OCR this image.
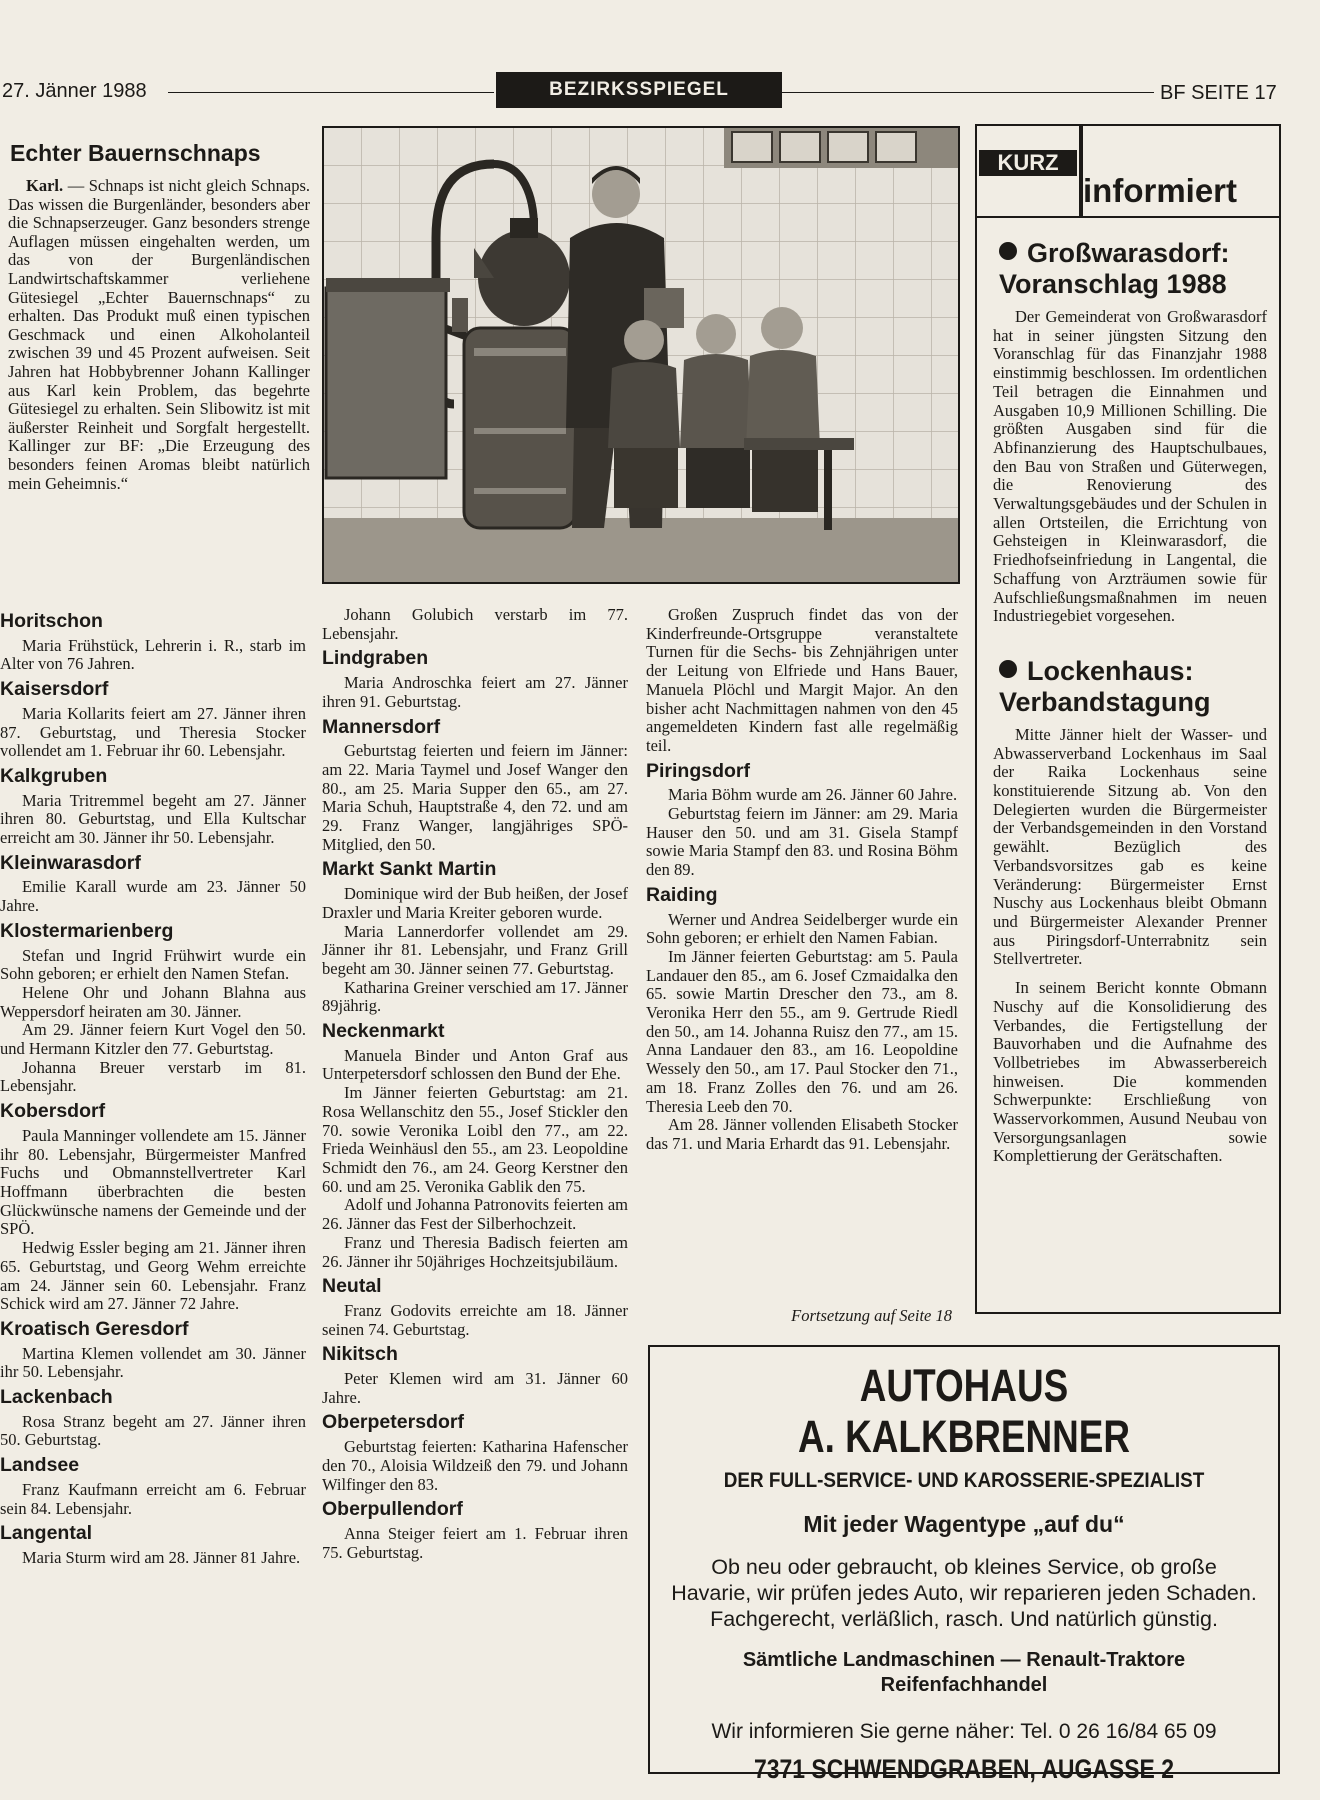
27. Jänner 1988	BEZIRKSSPIEGEL	BF SEITE 17
Echter Bauernschnaps
Karl. — Schnaps ist nicht gleich Schnaps. Das wissen die Burgenländer, besonders aber die Schnapserzeuger. Ganz besonders strenge Auflagen müssen eingehalten werden, um das von der Burgenländischen Landwirtschaftskammer verliehene Gütesiegel „Echter Bauernschnaps“ zu erhalten. Das Produkt muß einen typischen Geschmack und einen Alkoholanteil zwischen 39 und 45 Prozent aufweisen. Seit Jahren hat Hobbybrenner Johann Kallinger aus Karl kein Problem, das begehrte Gütesiegel zu erhalten. Sein Slibowitz ist mit äußerster Reinheit und Sorgfalt hergestellt. Kallinger zur BF: „Die Erzeugung des besonders feinen Aromas bleibt natürlich mein Geheimnis.“
KURZ
informiert
Großwarasdorf: Voranschlag 1988

Der Gemeinderat von Großwarasdorf hat in seiner jüngsten Sitzung den Voranschlag für das Finanzjahr 1988 einstimmig beschlossen. Im ordentlichen Teil betragen die Einnahmen und Ausgaben 10,9 Millionen Schilling. Die größten Ausgaben sind für die Abfinanzierung des Hauptschulbaues, den Bau von Straßen und Güterwegen, die Renovierung des Verwaltungsgebäudes und der Schulen in allen Ortsteilen, die Errichtung von Gehsteigen in Kleinwarasdorf, die Friedhofseinfriedung in Langental, die Schaffung von Arzträumen sowie für Aufschließungsmaßnahmen im neuen Industriegebiet vorgesehen.

Lockenhaus: Verbandstagung

Mitte Jänner hielt der Wasser- und Abwasserverband Lockenhaus im Saal der Raika Lockenhaus seine konstituierende Sitzung ab. Von den Delegierten wurden die Bürgermeister der Verbandsgemeinden in den Vorstand gewählt. Bezüglich des Verbandsvorsitzes gab es keine Veränderung: Bürgermeister Ernst Nuschy aus Lockenhaus bleibt Obmann und Bürgermeister Alexander Prenner aus Piringsdorf-Unterrabnitz sein Stellvertreter.

In seinem Bericht konnte Obmann Nuschy auf die Konsolidierung des Verbandes, die Fertigstellung der Bauvorhaben und die Aufnahme des Vollbetriebes im Abwasserbereich hinweisen. Die kommenden Schwerpunkte: Erschließung von Wasservorkommen, Ausund Neubau von Versorgungsanlagen sowie Komplettierung der Gerätschaften.

Horitschon

Maria Frühstück, Lehrerin i. R., starb im Alter von 76 Jahren.

Kaisersdorf

Maria Kollarits feiert am 27. Jänner ihren 87. Geburtstag, und Theresia Stocker vollendet am 1. Februar ihr 60. Lebensjahr.

Kalkgruben

Maria Tritremmel begeht am 27. Jänner ihren 80. Geburtstag, und Ella Kultschar erreicht am 30. Jänner ihr 50. Lebensjahr.

Kleinwarasdorf

Emilie Karall wurde am 23. Jänner 50 Jahre.

Klostermarienberg

Stefan und Ingrid Frühwirt wurde ein Sohn geboren; er erhielt den Namen Stefan.

Helene Ohr und Johann Blahna aus Weppersdorf heiraten am 30. Jänner.

Am 29. Jänner feiern Kurt Vogel den 50. und Hermann Kitzler den 77. Geburtstag.

Johanna Breuer verstarb im 81. Lebensjahr.

Kobersdorf

Paula Manninger vollendete am 15. Jänner ihr 80. Lebensjahr, Bürgermeister Manfred Fuchs und Obmannstellvertreter Karl Hoffmann überbrachten die besten Glückwünsche namens der Gemeinde und der SPÖ.

Hedwig Essler beging am 21. Jänner ihren 65. Geburtstag, und Georg Wehm erreichte am 24. Jänner sein 60. Lebensjahr. Franz Schick wird am 27. Jänner 72 Jahre.

Kroatisch Geresdorf

Martina Klemen vollendet am 30. Jänner ihr 50. Lebensjahr.

Lackenbach

Rosa Stranz begeht am 27. Jänner ihren 50. Geburtstag.

Landsee

Franz Kaufmann erreicht am 6. Februar sein 84. Lebensjahr.

Langental

Maria Sturm wird am 28. Jänner 81 Jahre.

Johann Golubich verstarb im 77. Lebensjahr.

Lindgraben

Maria Androschka feiert am 27. Jänner ihren 91. Geburtstag.

Mannersdorf

Geburtstag feierten und feiern im Jänner: am 22. Maria Taymel und Josef Wanger den 80., am 25. Maria Supper den 65., am 27. Maria Schuh, Hauptstraße 4, den 72. und am 29. Franz Wanger, langjähriges SPÖ-Mitglied, den 50.

Markt Sankt Martin

Dominique wird der Bub heißen, der Josef Draxler und Maria Kreiter geboren wurde.

Maria Lannerdorfer vollendet am 29. Jänner ihr 81. Lebensjahr, und Franz Grill begeht am 30. Jänner seinen 77. Geburtstag.

Katharina Greiner verschied am 17. Jänner 89jährig.

Neckenmarkt

Manuela Binder und Anton Graf aus Unterpetersdorf schlossen den Bund der Ehe.

Im Jänner feierten Geburtstag: am 21. Rosa Wellanschitz den 55., Josef Stickler den 70. sowie Veronika Loibl den 77., am 22. Frieda Weinhäusl den 55., am 23. Leopoldine Schmidt den 76., am 24. Georg Kerstner den 60. und am 25. Veronika Gablik den 75.

Adolf und Johanna Patronovits feierten am 26. Jänner das Fest der Silberhochzeit.

Franz und Theresia Badisch feierten am 26. Jänner ihr 50jähriges Hochzeitsjubiläum.

Neutal

Franz Godovits erreichte am 18. Jänner seinen 74. Geburtstag.

Nikitsch

Peter Klemen wird am 31. Jänner 60 Jahre.

Oberpetersdorf

Geburtstag feierten: Katharina Hafenscher den 70., Aloisia Wildzeiß den 79. und Johann Wilfinger den 83.

Oberpullendorf

Anna Steiger feiert am 1. Februar ihren 75. Geburtstag.

Großen Zuspruch findet das von der Kinderfreunde-Ortsgruppe veranstaltete Turnen für die Sechs- bis Zehnjährigen unter der Leitung von Elfriede und Hans Bauer, Manuela Plöchl und Margit Major. An den bisher acht Nachmittagen nahmen von den 45 angemeldeten Kindern fast alle regelmäßig teil.

Piringsdorf

Maria Böhm wurde am 26. Jänner 60 Jahre.

Geburtstag feiern im Jänner: am 29. Maria Hauser den 50. und am 31. Gisela Stampf sowie Maria Stampf den 83. und Rosina Böhm den 89.

Raiding

Werner und Andrea Seidelberger wurde ein Sohn geboren; er erhielt den Namen Fabian.

Im Jänner feierten Geburtstag: am 5. Paula Landauer den 85., am 6. Josef Czmaidalka den 65. sowie Martin Drescher den 73., am 8. Veronika Herr den 55., am 9. Gertrude Riedl den 50., am 14. Johanna Ruisz den 77., am 15. Anna Landauer den 83., am 16. Leopoldine Wessely den 50., am 17. Paul Stocker den 71., am 18. Franz Zolles den 76. und am 26. Theresia Leeb den 70.

Am 28. Jänner vollenden Elisabeth Stocker das 71. und Maria Erhardt das 91. Lebensjahr.

Fortsetzung auf Seite 18
AUTOHAUS
A. KALKBRENNER
DER FULL-SERVICE- UND KAROSSERIE-SPEZIALIST
Mit jeder Wagentype „auf du“
Ob neu oder gebraucht, ob kleines Service, ob große Havarie, wir prüfen jedes Auto, wir reparieren jeden Schaden. Fachgerecht, verläßlich, rasch. Und natürlich günstig.
Sämtliche Landmaschinen — Renault-Traktore
Reifenfachhandel
Wir informieren Sie gerne näher: Tel. 0 26 16/84 65 09
7371 SCHWENDGRABEN, AUGASSE 2
